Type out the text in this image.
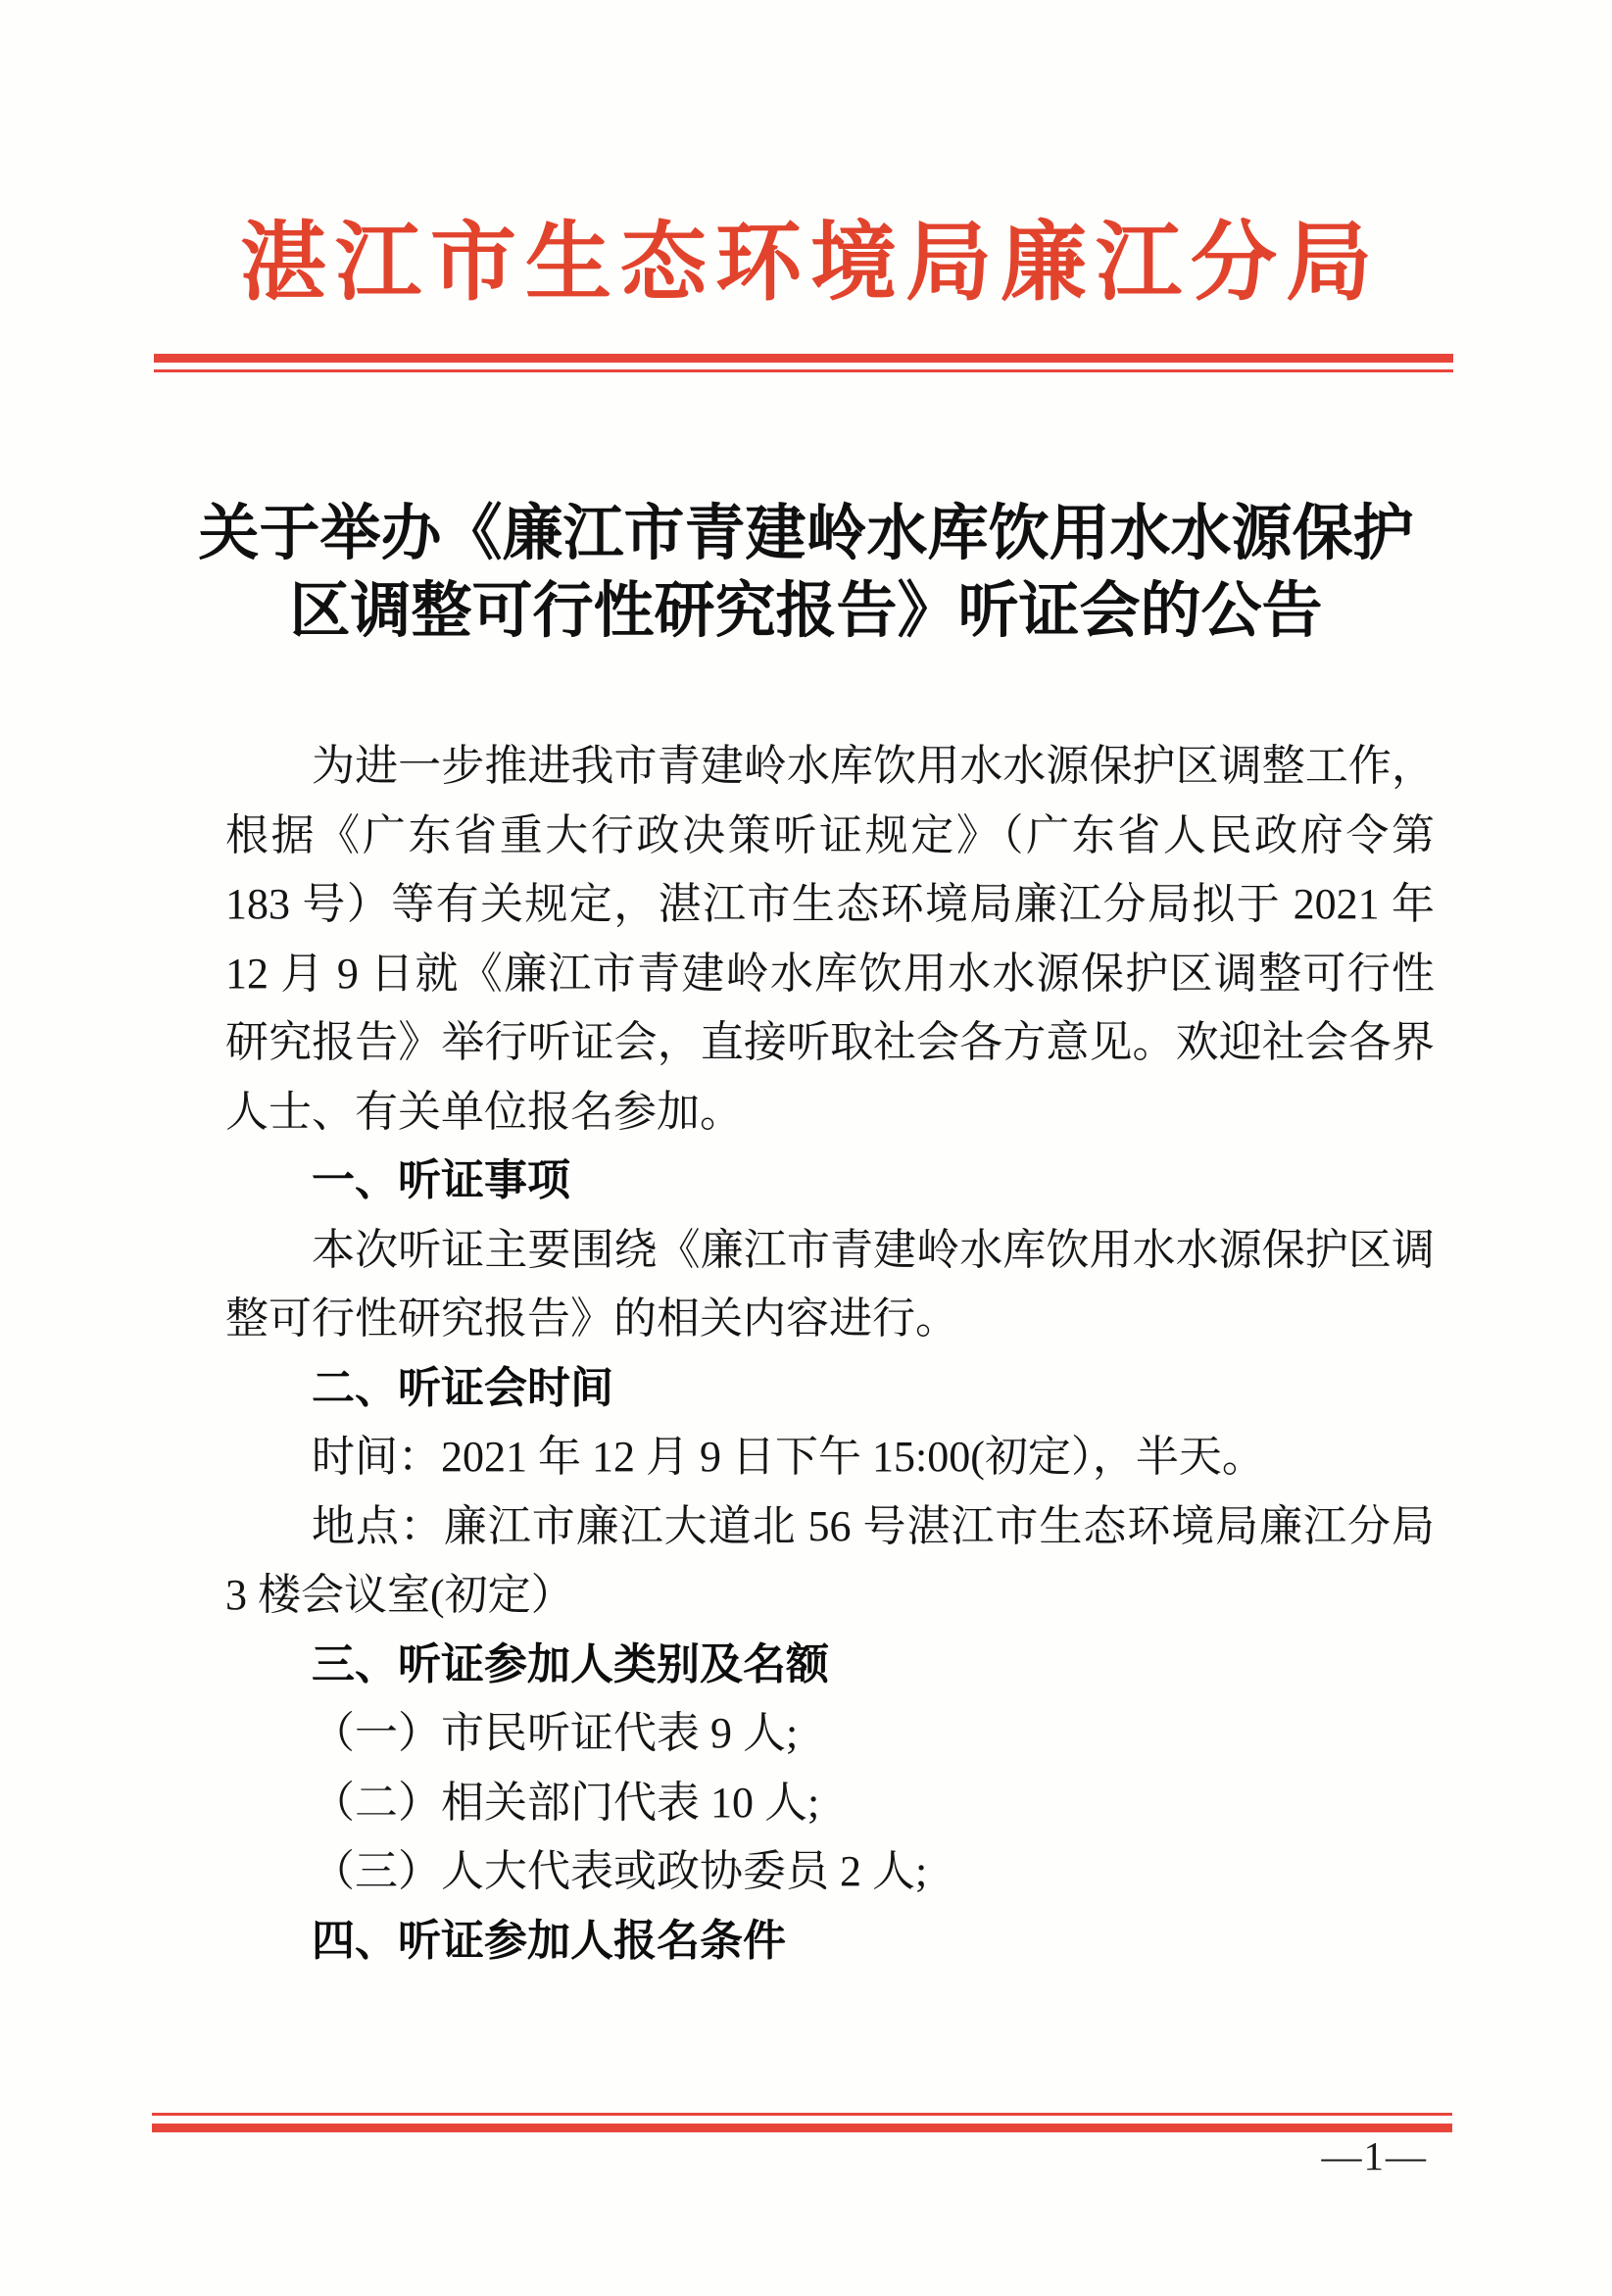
湛江市生态环境局廉江分局
关于举办《廉江市青建岭水库饮用水水源保护
区调整可行性研究报告》听证会的公告
为进一步推进我市青建岭水库饮用水水源保护区调整工作，
根据《广东省重大行政决策听证规定》（广东省人民政府令第
183 号）等有关规定，湛江市生态环境局廉江分局拟于 2021 年
12 月 9 日就《廉江市青建岭水库饮用水水源保护区调整可行性
研究报告》举行听证会，直接听取社会各方意见。欢迎社会各界
人士、有关单位报名参加。
一、听证事项
本次听证主要围绕《廉江市青建岭水库饮用水水源保护区调
整可行性研究报告》的相关内容进行。
二、听证会时间
时间：2021 年 12 月 9 日下午 15:00(初定），半天。
地点：廉江市廉江大道北 56 号湛江市生态环境局廉江分局
3 楼会议室(初定）
三、听证参加人类别及名额
（一）市民听证代表 9 人;
（二）相关部门代表 10 人;
（三）人大代表或政协委员 2 人;
四、听证参加人报名条件
—1—
